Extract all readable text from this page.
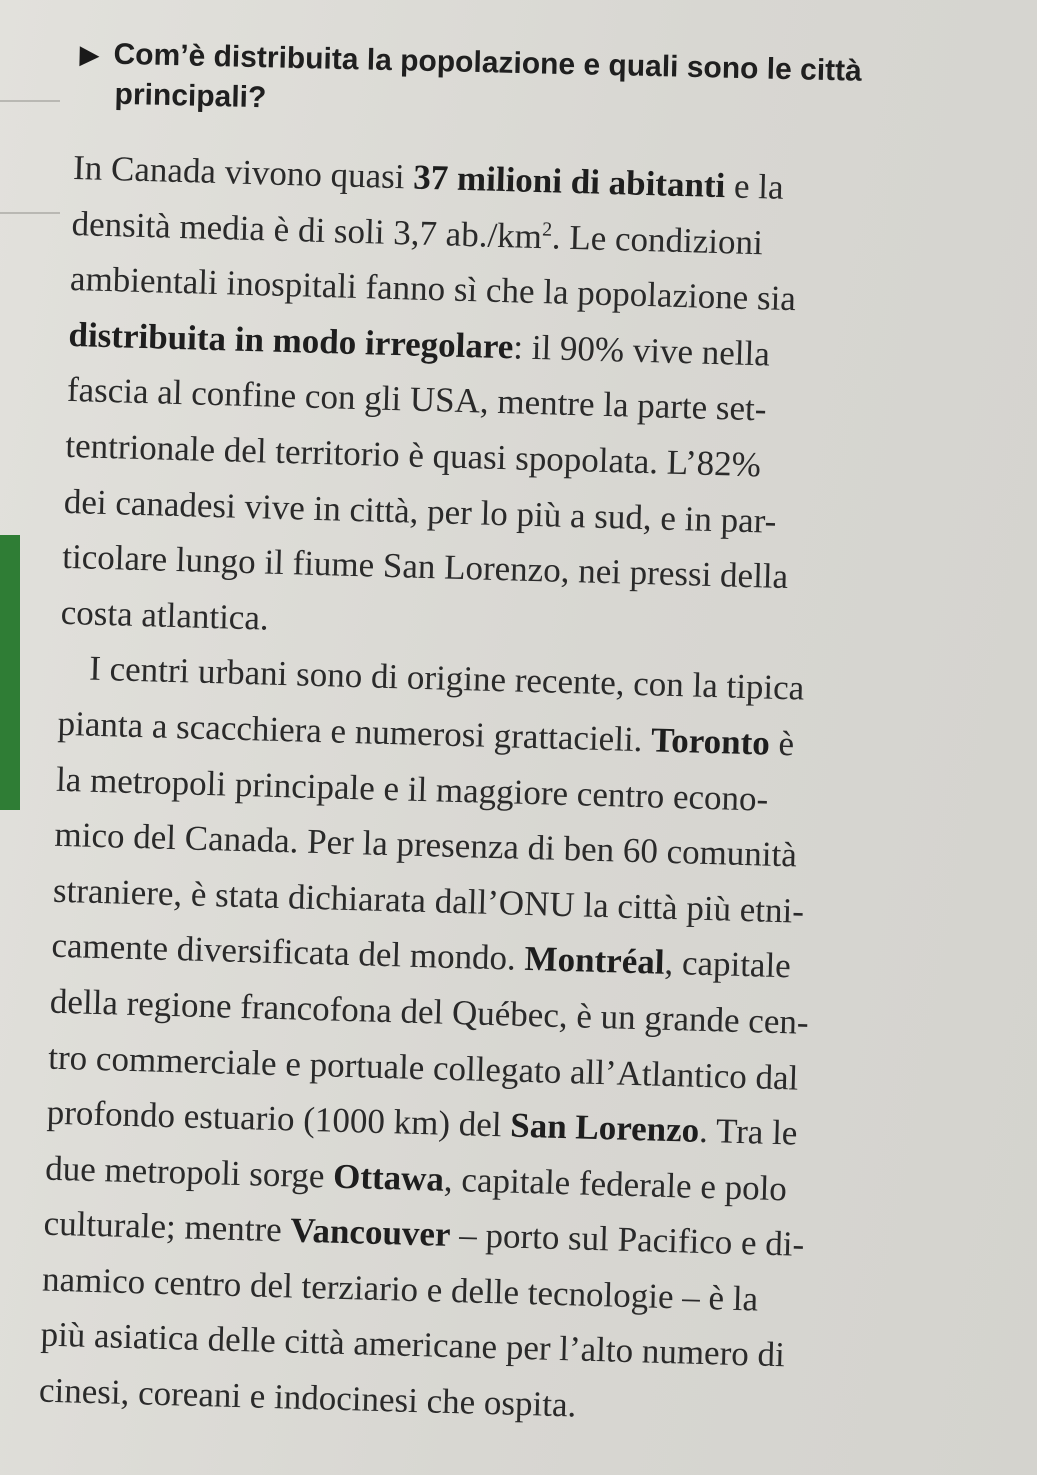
▶ Com’è distribuita la popolazione e quali sono le città
principali?
In Canada vivono quasi 37 milioni di abitanti e la
densità media è di soli 3,7 $ab./km^2$. Le condizioni
ambientali inospitali fanno sì che la popolazione sia
distribuita in modo irregolare: il 90% vive nella
fascia al confine con gli USA, mentre la parte set-
tentrionale del territorio è quasi spopolata. L’82%
dei canadesi vive in città, per lo più a sud, e in par-
ticolare lungo il fiume San Lorenzo, nei pressi della
costa atlantica.
I centri urbani sono di origine recente, con la tipica
pianta a scacchiera e numerosi grattacieli. Toronto è
la metropoli principale e il maggiore centro econo-
mico del Canada. Per la presenza di ben 60 comunità
straniere, è stata dichiarata dall’ONU la città più etni-
camente diversificata del mondo. Montréal, capitale
della regione francofona del Québec, è un grande cen-
tro commerciale e portuale collegato all’Atlantico dal
profondo estuario (1000 km) del San Lorenzo. Tra le
due metropoli sorge Ottawa, capitale federale e polo
culturale; mentre Vancouver – porto sul Pacifico e di-
namico centro del terziario e delle tecnologie – è la
più asiatica delle città americane per l’alto numero di
cinesi, coreani e indocinesi che ospita.
